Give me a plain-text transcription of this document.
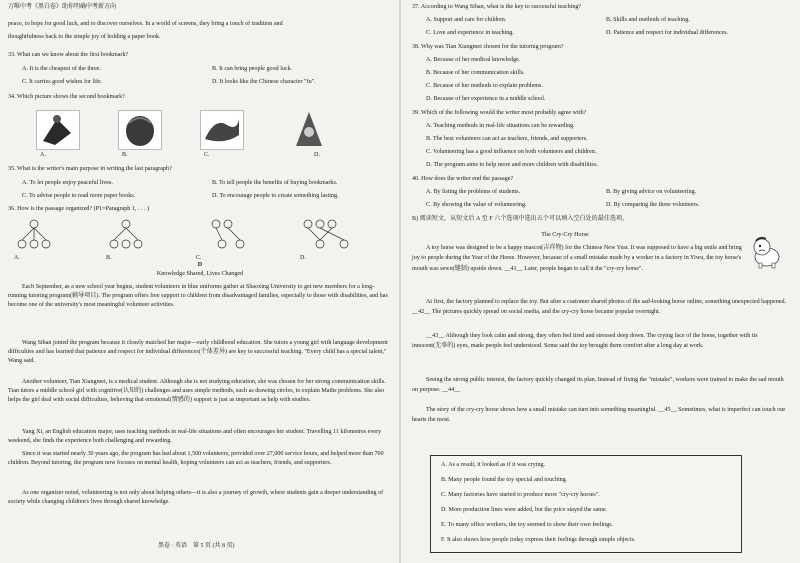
万唯中考《黑白卷》助你明确中考新方向
peace, to hope for good luck, and to discover ourselves. In a world of screens, they bring a touch of tradition and
thoughtfulness back to the simple joy of holding a paper book.
33. What can we know about the first bookmark?
A. It is the cheapest of the three.	B. It can bring people good luck.
C. It carries good wishes for life.	D. It looks like the Chinese character "fu".
34. Which picture shows the second bookmark?
A.	B.	C.	D.
35. What is the writer's main purpose in writing the last paragraph?
A. To let people enjoy peaceful lives.	B. To tell people the benefits of buying bookmarks.
C. To advise people to read more paper books.	D. To encourage people to create something lasting.
36. How is the passage organized? (P1=Paragraph 1, . . . )
A.	B.	C.	D.
D
Knowledge Shared, Lives Changed
Each September, as a new school year begins, student volunteers in blue uniforms gather at Shaoxing University to get new members for a long-running tutoring program(辅导项目). The program offers free support to children from disadvantaged families, especially to those with disabilities, and has become one of the university's most meaningful volunteer activities.
Wang Sihan joined the program because it closely matched her major—early childhood education. She tutors a young girl with language development difficulties and has learned that patience and respect for individual differences(个体差异) are key to successful teaching. "Every child has a special talent," Wang said.
Another volunteer, Tian Xiangmei, is a medical student. Although she is not studying education, she was chosen for her strong communication skills. Tian tutors a middle school girl with cognitive(认知的) challenges and uses simple methods, such as drawing circles, to explain Maths problems. She also helps the girl deal with social difficulties, believing that emotional(情感的) support is just as important as help with studies.
Yang Xi, an English education major, uses teaching methods in real-life situations and often encourages her student. Travelling 11 kilometres every weekend, she finds the experience both challenging and rewarding.
Since it was started nearly 30 years ago, the program has had about 1,500 volunteers, provided over 27,000 service hours, and helped more than 700 children. Beyond tutoring, the program now focuses on mental health, hoping volunteers can act as teachers, friends, and supporters.
As one organizer noted, volunteering is not only about helping others—it is also a journey of growth, where students gain a deeper understanding of society while changing children's lives through shared knowledge.
黑卷 · 英语　第 5 页 (共 8 页)
37. According to Wang Sihan, what is the key to successful teaching?
A. Support and care for children.	B. Skills and methods of teaching.
C. Love and experience in teaching.	D. Patience and respect for individual differences.
38. Why was Tian Xiangmei chosen for the tutoring program?
A. Because of her medical knowledge.
B. Because of her communication skills.
C. Because of her methods to explain problems.
D. Because of her experience in a middle school.
39. Which of the following would the writer most probably agree with?
A. Teaching methods in real-life situations can be rewarding.
B. The best volunteers can act as teachers, friends, and supporters.
C. Volunteering has a good influence on both volunteers and children.
D. The program aims to help more and more children with disabilities.
40. How does the writer end the passage?
A. By listing the problems of students.	B. By giving advice on volunteering.
C. By showing the value of volunteering.	D. By comparing the three volunteers.
B) 阅读短文，从短文后 A 至 F 六个选项中选出五个可以填入空白处的最佳选项。
The Cry-Cry Horse
A toy horse was designed to be a happy mascot(吉祥物) for the Chinese New Year. It was supposed to have a big smile and bring joy to people during the Year of the Horse. However, because of a small mistake made by a worker in a factory in Yiwu, the toy horse's mouth was sewn(缝制) upside down. __41__ Later, people began to call it the "cry-cry horse".
At first, the factory planned to replace the toy. But after a customer shared photos of the sad-looking horse online, something unexpected happened. __42__ The pictures quickly spread on social media, and the cry-cry horse became popular overnight.
__43__ Although they look calm and strong, they often feel tired and stressed deep down. The crying face of the horse, together with its innocent(无辜的) eyes, made people feel understood. Some said the toy brought them comfort after a long day at work.
Seeing the strong public interest, the factory quickly changed its plan. Instead of fixing the "mistake", workers were trained to make the sad mouth on purpose. __44__
The story of the cry-cry horse shows how a small mistake can turn into something meaningful. __45__ Sometimes, what is imperfect can touch our hearts the most.
A. As a result, it looked as if it was crying.
B. Many people found the toy special and touching.
C. Many factories have started to produce more "cry-cry horses".
D. More production lines were added, but the price stayed the same.
E. To many office workers, the toy seemed to show their own feelings.
F. It also shows how people today express their feelings through simple objects.
